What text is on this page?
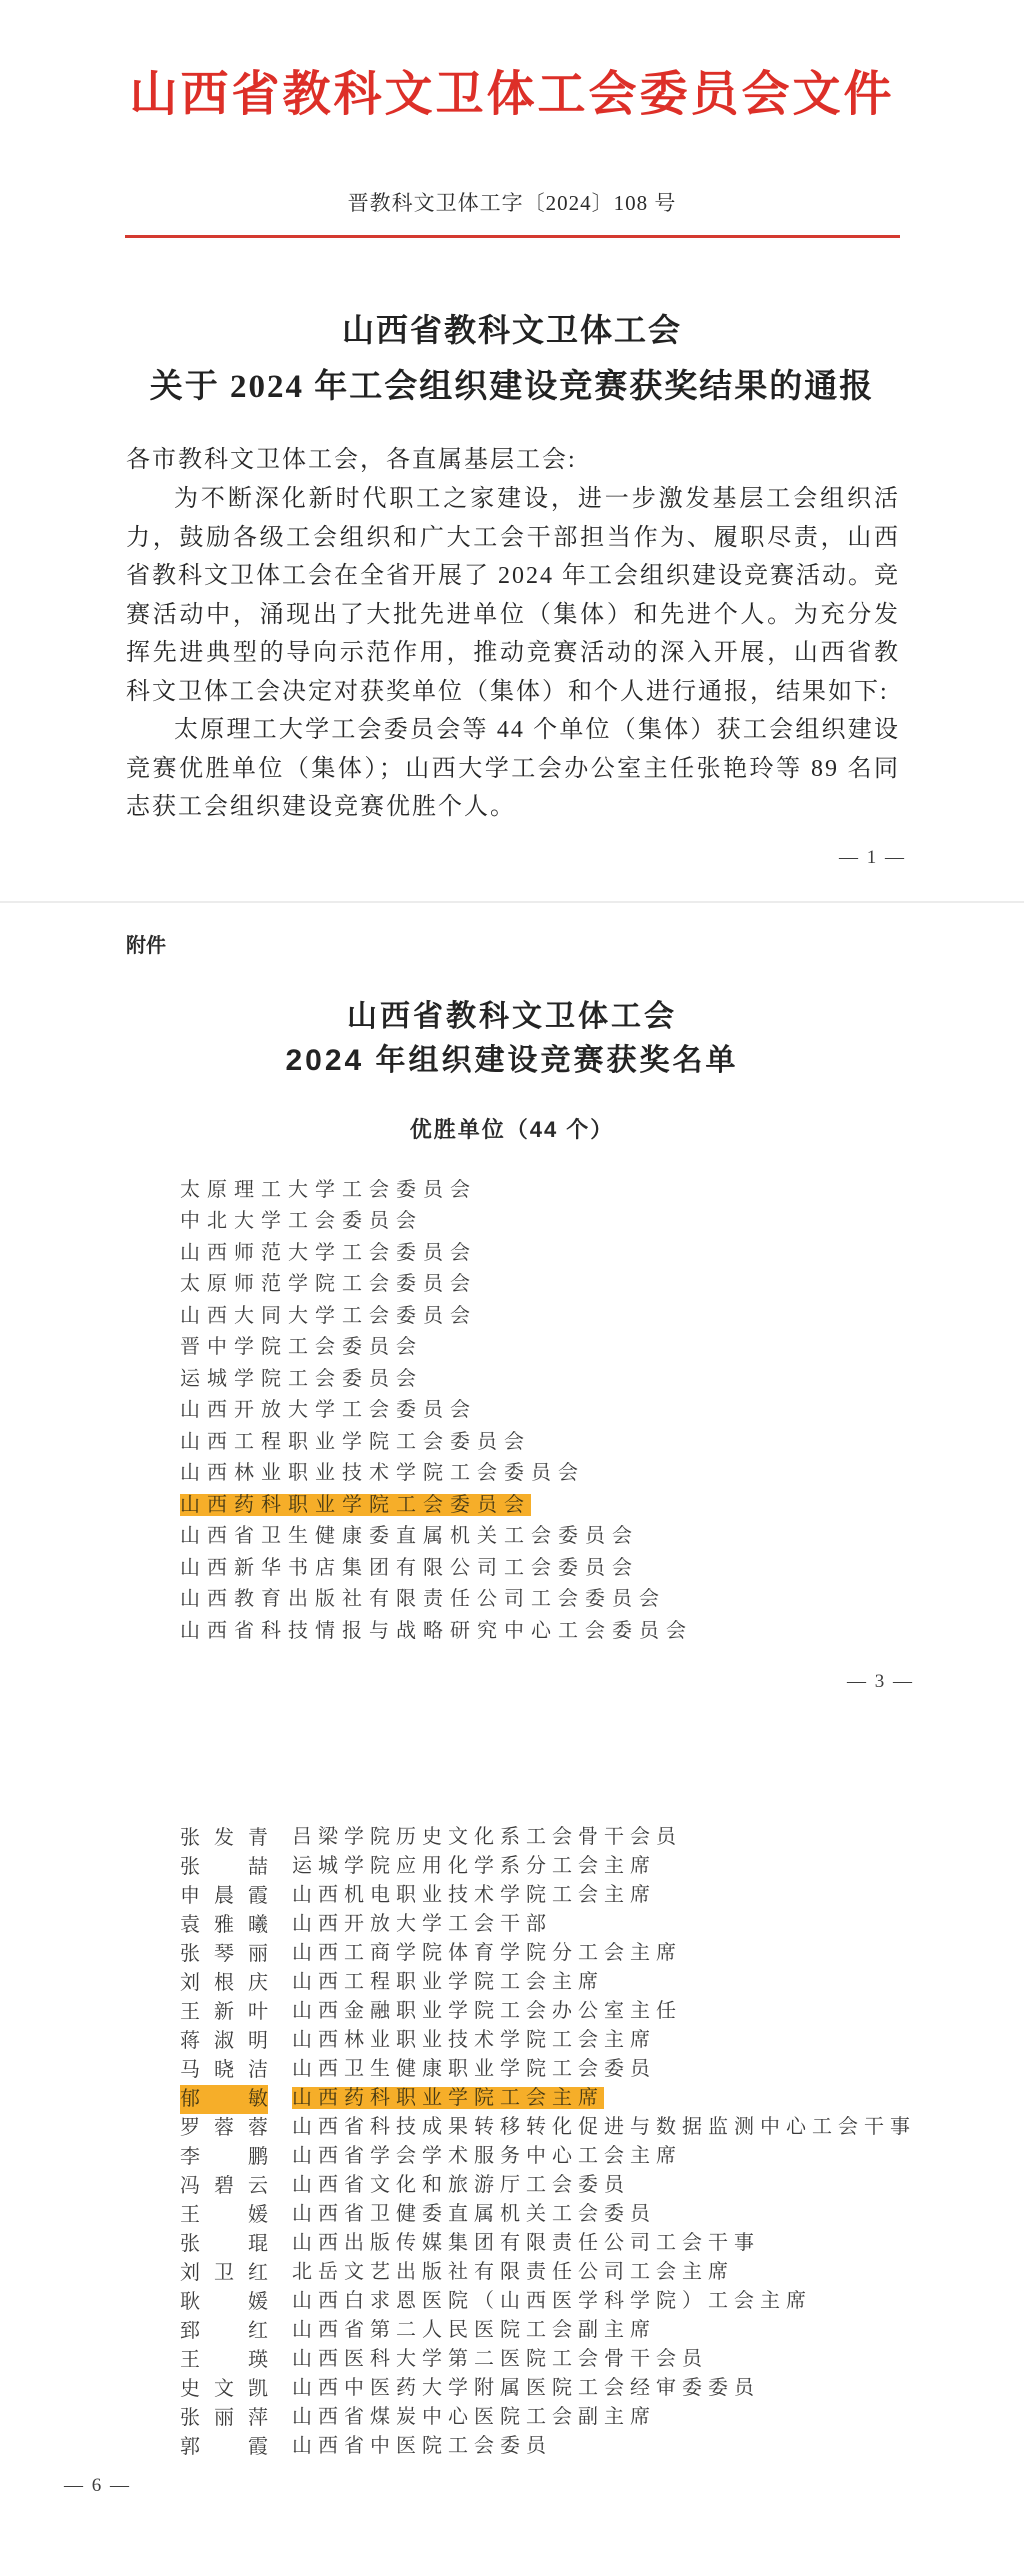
山西省教科文卫体工会委员会文件
晋教科文卫体工字〔2024〕108 号
山西省教科文卫体工会
关于 2024 年工会组织建设竞赛获奖结果的通报

各市教科文卫体工会，各直属基层工会:

为不断深化新时代职工之家建设，进一步激发基层工会组织活力，鼓励各级工会组织和广大工会干部担当作为、履职尽责，山西省教科文卫体工会在全省开展了 2024 年工会组织建设竞赛活动。竞赛活动中，涌现出了大批先进单位（集体）和先进个人。为充分发挥先进典型的导向示范作用，推动竞赛活动的深入开展，山西省教科文卫体工会决定对获奖单位（集体）和个人进行通报，结果如下:

太原理工大学工会委员会等 44 个单位（集体）获工会组织建设竞赛优胜单位（集体）；山西大学工会办公室主任张艳玲等 89 名同志获工会组织建设竞赛优胜个人。

— 1 —
附件
山西省教科文卫体工会
2024 年组织建设竞赛获奖名单
优胜单位（44 个）
太原理工大学工会委员会
中北大学工会委员会
山西师范大学工会委员会
太原师范学院工会委员会
山西大同大学工会委员会
晋中学院工会委员会
运城学院工会委员会
山西开放大学工会委员会
山西工程职业学院工会委员会
山西林业职业技术学院工会委员会
山西药科职业学院工会委员会
山西省卫生健康委直属机关工会委员会
山西新华书店集团有限公司工会委员会
山西教育出版社有限责任公司工会委员会
山西省科技情报与战略研究中心工会委员会
— 3 —
张发青 吕梁学院历史文化系工会骨干会员
张喆 运城学院应用化学系分工会主席
申晨霞 山西机电职业技术学院工会主席
袁雅曦 山西开放大学工会干部
张琴丽 山西工商学院体育学院分工会主席
刘根庆 山西工程职业学院工会主席
王新叶 山西金融职业学院工会办公室主任
蒋淑明 山西林业职业技术学院工会主席
马晓洁 山西卫生健康职业学院工会委员
郁敏 山西药科职业学院工会主席
罗蓉蓉 山西省科技成果转移转化促进与数据监测中心工会干事
李鹏 山西省学会学术服务中心工会主席
冯碧云 山西省文化和旅游厅工会委员
王媛 山西省卫健委直属机关工会委员
张琨 山西出版传媒集团有限责任公司工会干事
刘卫红 北岳文艺出版社有限责任公司工会主席
耿媛 山西白求恩医院（山西医学科学院）工会主席
郅红 山西省第二人民医院工会副主席
王瑛 山西医科大学第二医院工会骨干会员
史文凯 山西中医药大学附属医院工会经审委委员
张丽萍 山西省煤炭中心医院工会副主席
郭霞 山西省中医院工会委员
— 6 —
